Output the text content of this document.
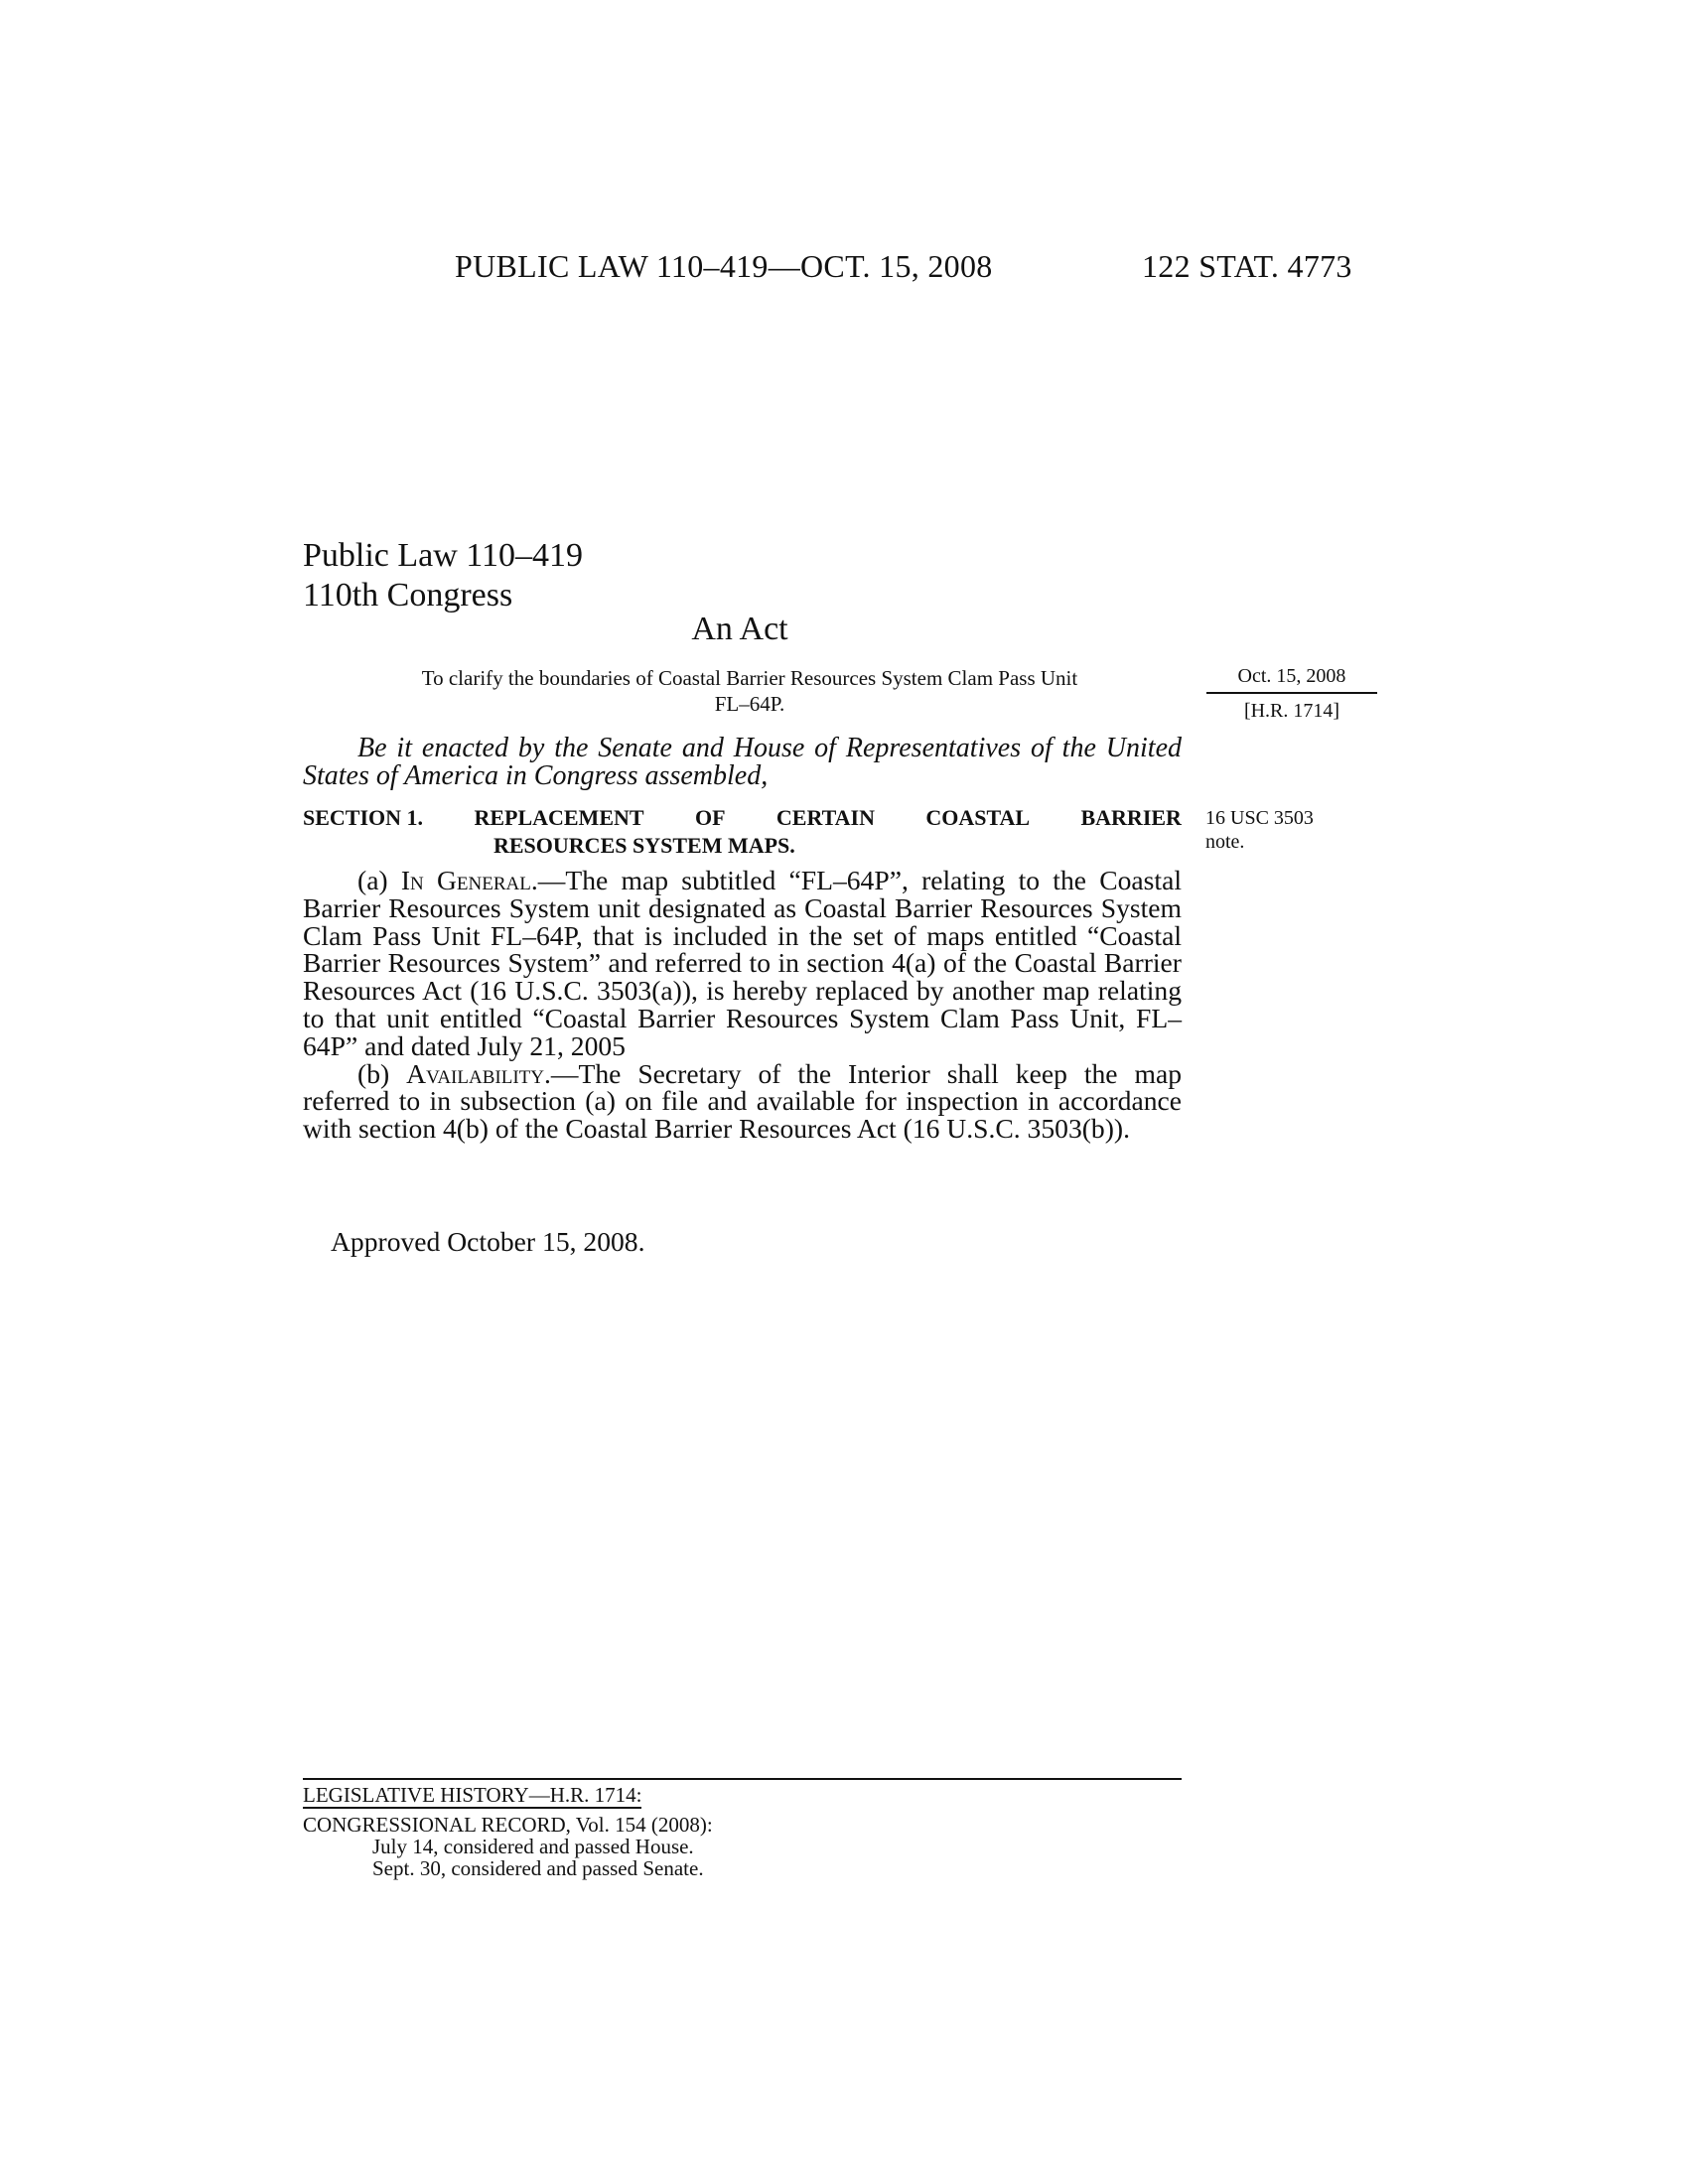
PUBLIC LAW 110–419—OCT. 15, 2008	122 STAT. 4773
Public Law 110–419
110th Congress
An Act
To clarify the boundaries of Coastal Barrier Resources System Clam Pass Unit
FL–64P.
Oct. 15, 2008
[H.R. 1714]
Be it enacted by the Senate and House of Representatives of the United States of America in Congress assembled,
SECTION 1. REPLACEMENT OF CERTAIN COASTAL BARRIER
RESOURCES SYSTEM MAPS.
16 USC 3503
note.

(a) In General.—The map subtitled “FL–64P”, relating to the Coastal Barrier Resources System unit designated as Coastal Barrier Resources System Clam Pass Unit FL–64P, that is included in the set of maps entitled “Coastal Barrier Resources System” and referred to in section 4(a) of the Coastal Barrier Resources Act (16 U.S.C. 3503(a)), is hereby replaced by another map relating to that unit entitled “Coastal Barrier Resources System Clam Pass Unit, FL–64P” and dated July 21, 2005

(b) Availability.—The Secretary of the Interior shall keep the map referred to in subsection (a) on file and available for inspection in accordance with section 4(b) of the Coastal Barrier Resources Act (16 U.S.C. 3503(b)).

Approved October 15, 2008.
LEGISLATIVE HISTORY—H.R. 1714:
CONGRESSIONAL RECORD, Vol. 154 (2008):
July 14, considered and passed House.
Sept. 30, considered and passed Senate.
